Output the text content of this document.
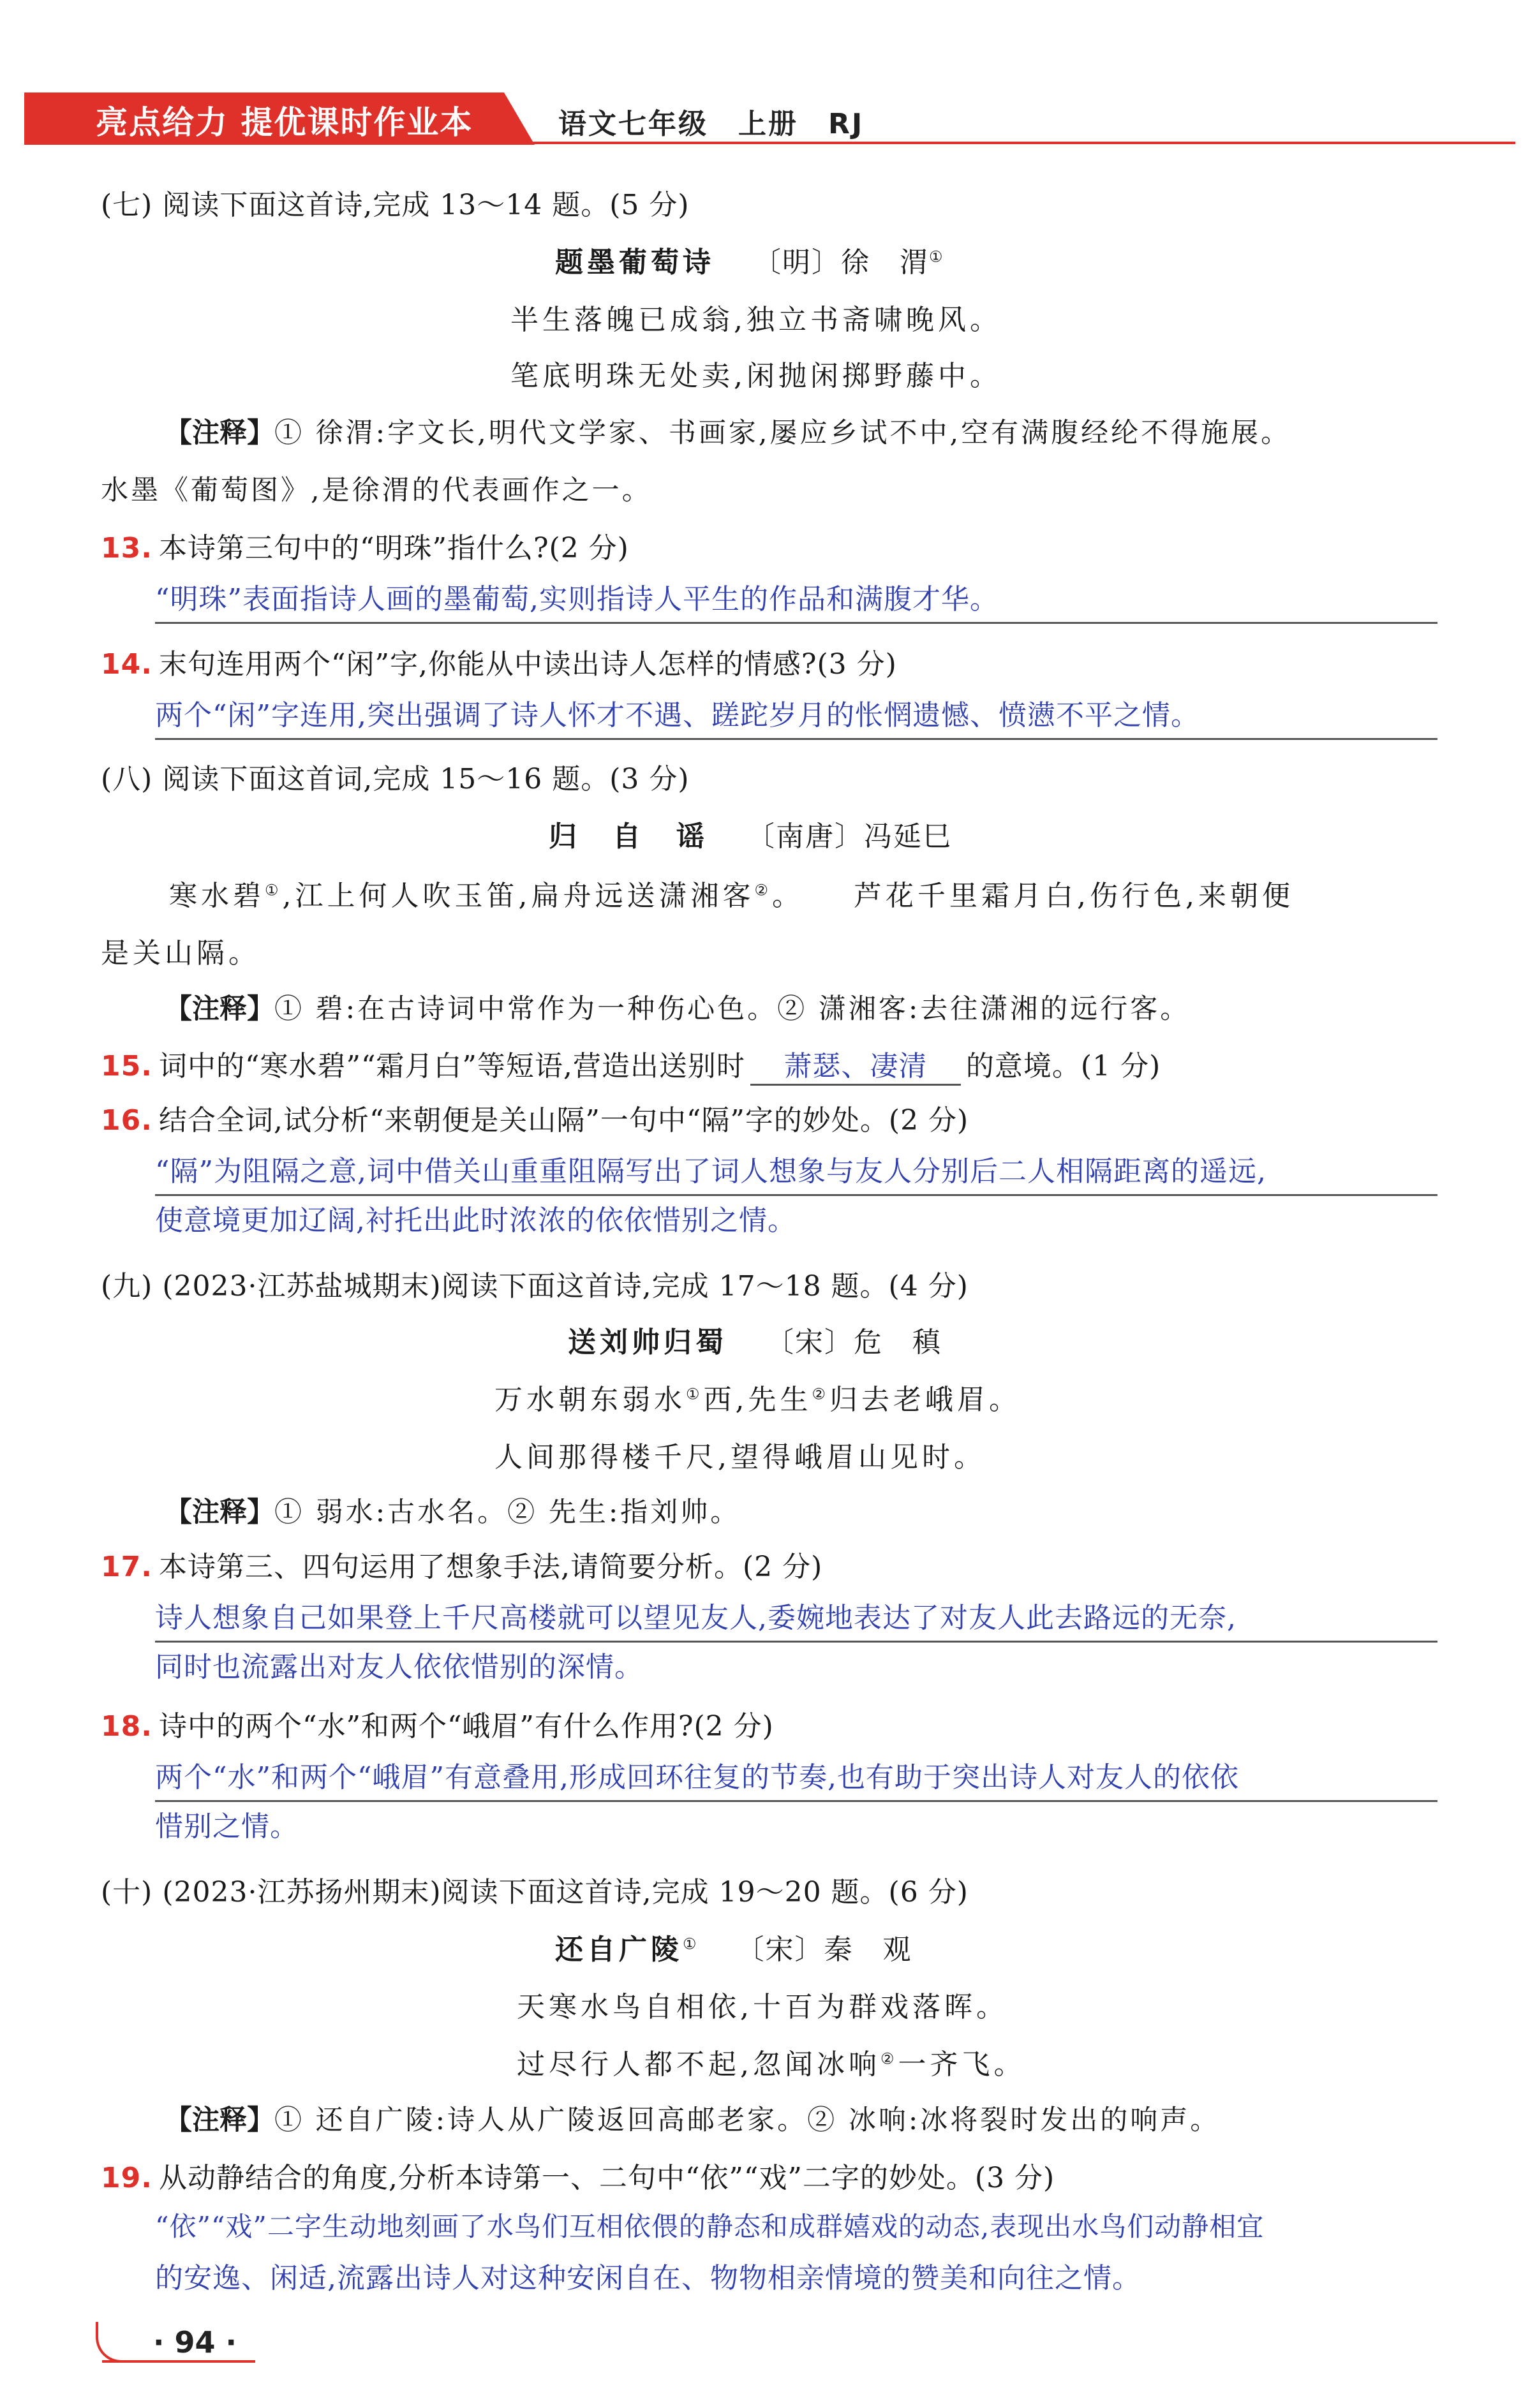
亮点给力 提优课时作业本	语文七年级　上册　RJ
(七) 阅读下面这首诗,完成 13～14 题。(5 分)
题墨葡萄诗 〔明〕徐　渭①
半生落魄已成翁,独立书斋啸晚风。
笔底明珠无处卖,闲抛闲掷野藤中。
【注释】① 徐渭:字文长,明代文学家、书画家,屡应乡试不中,空有满腹经纶不得施展。
水墨《葡萄图》,是徐渭的代表画作之一。
13. 本诗第三句中的“明珠”指什么?(2 分)
“明珠”表面指诗人画的墨葡萄,实则指诗人平生的作品和满腹才华。
14. 末句连用两个“闲”字,你能从中读出诗人怎样的情感?(3 分)
两个“闲”字连用,突出强调了诗人怀才不遇、蹉跎岁月的怅惘遗憾、愤懑不平之情。
(八) 阅读下面这首词,完成 15～16 题。(3 分)
归　自　谣 〔南唐〕冯延巳
寒水碧①,江上何人吹玉笛,扁舟远送潇湘客②。　　芦花千里霜月白,伤行色,来朝便
是关山隔。
【注释】① 碧:在古诗词中常作为一种伤心色。② 潇湘客:去往潇湘的远行客。
15. 词中的“寒水碧”“霜月白”等短语,营造出送别时 萧瑟、凄清 的意境。(1 分)
16. 结合全词,试分析“来朝便是关山隔”一句中“隔”字的妙处。(2 分)
“隔”为阻隔之意,词中借关山重重阻隔写出了词人想象与友人分别后二人相隔距离的遥远,
使意境更加辽阔,衬托出此时浓浓的依依惜别之情。
(九) (2023·江苏盐城期末)阅读下面这首诗,完成 17～18 题。(4 分)
送刘帅归蜀 〔宋〕危　稹
万水朝东弱水①西,先生②归去老峨眉。
人间那得楼千尺,望得峨眉山见时。
【注释】① 弱水:古水名。② 先生:指刘帅。
17. 本诗第三、四句运用了想象手法,请简要分析。(2 分)
诗人想象自己如果登上千尺高楼就可以望见友人,委婉地表达了对友人此去路远的无奈,
同时也流露出对友人依依惜别的深情。
18. 诗中的两个“水”和两个“峨眉”有什么作用?(2 分)
两个“水”和两个“峨眉”有意叠用,形成回环往复的节奏,也有助于突出诗人对友人的依依
惜别之情。
(十) (2023·江苏扬州期末)阅读下面这首诗,完成 19～20 题。(6 分)
还自广陵① 〔宋〕秦　观
天寒水鸟自相依,十百为群戏落晖。
过尽行人都不起,忽闻冰响②一齐飞。
【注释】① 还自广陵:诗人从广陵返回高邮老家。② 冰响:冰将裂时发出的响声。
19. 从动静结合的角度,分析本诗第一、二句中“依”“戏”二字的妙处。(3 分)
“依”“戏”二字生动地刻画了水鸟们互相依偎的静态和成群嬉戏的动态,表现出水鸟们动静相宜
的安逸、闲适,流露出诗人对这种安闲自在、物物相亲情境的赞美和向往之情。
· 94 ·
